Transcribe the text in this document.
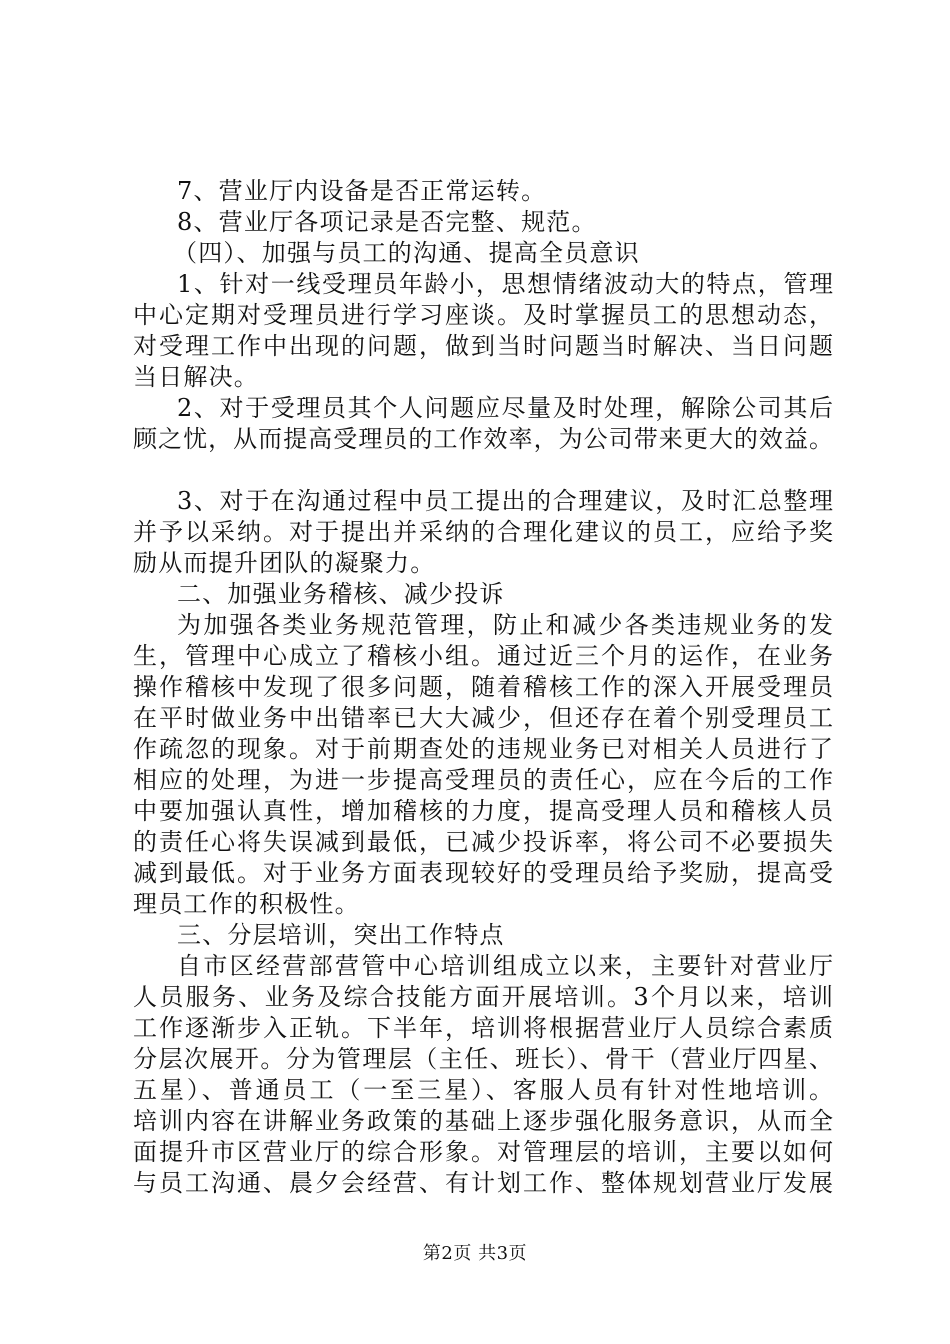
7、营业厅内设备是否正常运转。
8、营业厅各项记录是否完整、规范。
（四）、加强与员工的沟通、提高全员意识
1、针对一线受理员年龄小，思想情绪波动大的特点，管理
中心定期对受理员进行学习座谈。及时掌握员工的思想动态，
对受理工作中出现的问题，做到当时问题当时解决、当日问题
当日解决。
2、对于受理员其个人问题应尽量及时处理，解除公司其后
顾之忧，从而提高受理员的工作效率，为公司带来更大的效益。
3、对于在沟通过程中员工提出的合理建议，及时汇总整理
并予以采纳。对于提出并采纳的合理化建议的员工，应给予奖
励从而提升团队的凝聚力。
二、加强业务稽核、减少投诉
为加强各类业务规范管理，防止和减少各类违规业务的发
生，管理中心成立了稽核小组。通过近三个月的运作，在业务
操作稽核中发现了很多问题，随着稽核工作的深入开展受理员
在平时做业务中出错率已大大减少，但还存在着个别受理员工
作疏忽的现象。对于前期查处的违规业务已对相关人员进行了
相应的处理，为进一步提高受理员的责任心，应在今后的工作
中要加强认真性，增加稽核的力度，提高受理人员和稽核人员
的责任心将失误减到最低，已减少投诉率，将公司不必要损失
减到最低。对于业务方面表现较好的受理员给予奖励，提高受
理员工作的积极性。
三、分层培训，突出工作特点
自市区经营部营管中心培训组成立以来，主要针对营业厅
人员服务、业务及综合技能方面开展培训。3个月以来，培训
工作逐渐步入正轨。下半年，培训将根据营业厅人员综合素质
分层次展开。分为管理层（主任、班长）、骨干（营业厅四星、
五星）、普通员工（一至三星）、客服人员有针对性地培训。
培训内容在讲解业务政策的基础上逐步强化服务意识，从而全
面提升市区营业厅的综合形象。对管理层的培训，主要以如何
与员工沟通、晨夕会经营、有计划工作、整体规划营业厅发展
第2页 共3页
